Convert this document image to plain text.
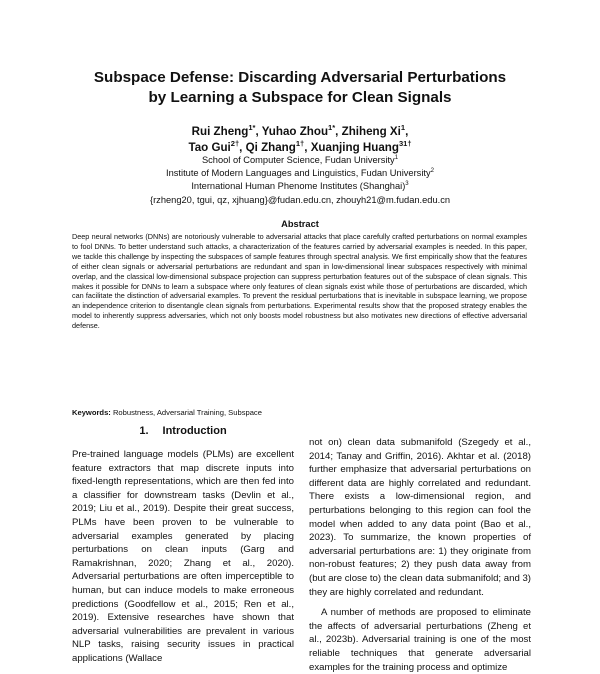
Subspace Defense: Discarding Adversarial Perturbations
by Learning a Subspace for Clean Signals
Rui Zheng$^{1*}$, Yuhao Zhou$^{1*}$, Zhiheng Xi$^1$,
Tao Gui$^{2\dagger}$, Qi Zhang$^{1\dagger}$, Xuanjing Huang$^{31\dagger}$
School of Computer Science, Fudan University$^1$
Institute of Modern Languages and Linguistics, Fudan University$^2$
International Human Phenome Institutes (Shanghai)$^3$
{rzheng20, tgui, qz, xjhuang}@fudan.edu.cn, zhouyh21@m.fudan.edu.cn
Abstract
Deep neural networks (DNNs) are notoriously vulnerable to adversarial attacks that place carefully crafted perturbations on normal examples to fool DNNs. To better understand such attacks, a characterization of the features carried by adversarial examples is needed. In this paper, we tackle this challenge by inspecting the subspaces of sample features through spectral analysis. We first empirically show that the features of either clean signals or adversarial perturbations are redundant and span in low-dimensional linear subspaces respectively with minimal overlap, and the classical low-dimensional subspace projection can suppress perturbation features out of the subspace of clean signals. This makes it possible for DNNs to learn a subspace where only features of clean signals exist while those of perturbations are discarded, which can facilitate the distinction of adversarial examples. To prevent the residual perturbations that is inevitable in subspace learning, we propose an independence criterion to disentangle clean signals from perturbations. Experimental results show that the proposed strategy enables the model to inherently suppress adversaries, which not only boosts model robustness but also motivates new directions of effective adversarial defense.
Keywords: Robustness, Adversarial Training, Subspace
1. Introduction

Pre-trained language models (PLMs) are excellent feature extractors that map discrete inputs into fixed-length representations, which are then fed into a classifier for downstream tasks (Devlin et al., 2019; Liu et al., 2019). Despite their great success, PLMs have been proven to be vulnerable to adversarial examples generated by placing perturbations on clean inputs (Garg and Ramakrishnan, 2020; Zhang et al., 2020). Adversarial perturbations are often imperceptible to human, but can induce models to make erroneous predictions (Goodfellow et al., 2015; Ren et al., 2019). Extensive researches have shown that adversarial vulnerabilities are prevalent in various NLP tasks, raising security issues in practical applications (Wallace

not on) clean data submanifold (Szegedy et al., 2014; Tanay and Griffin, 2016). Akhtar et al. (2018) further emphasize that adversarial perturbations on different data are highly correlated and redundant. There exists a low-dimensional region, and perturbations belonging to this region can fool the model when added to any data point (Bao et al., 2023). To summarize, the known properties of adversarial perturbations are: 1) they originate from non-robust features; 2) they push data away from (but are close to) the clean data submanifold; and 3) they are highly correlated and redundant.

A number of methods are proposed to eliminate the affects of adversarial perturbations (Zheng et al., 2023b). Adversarial training is one of the most reliable techniques that generate adversarial examples for the training process and optimize
